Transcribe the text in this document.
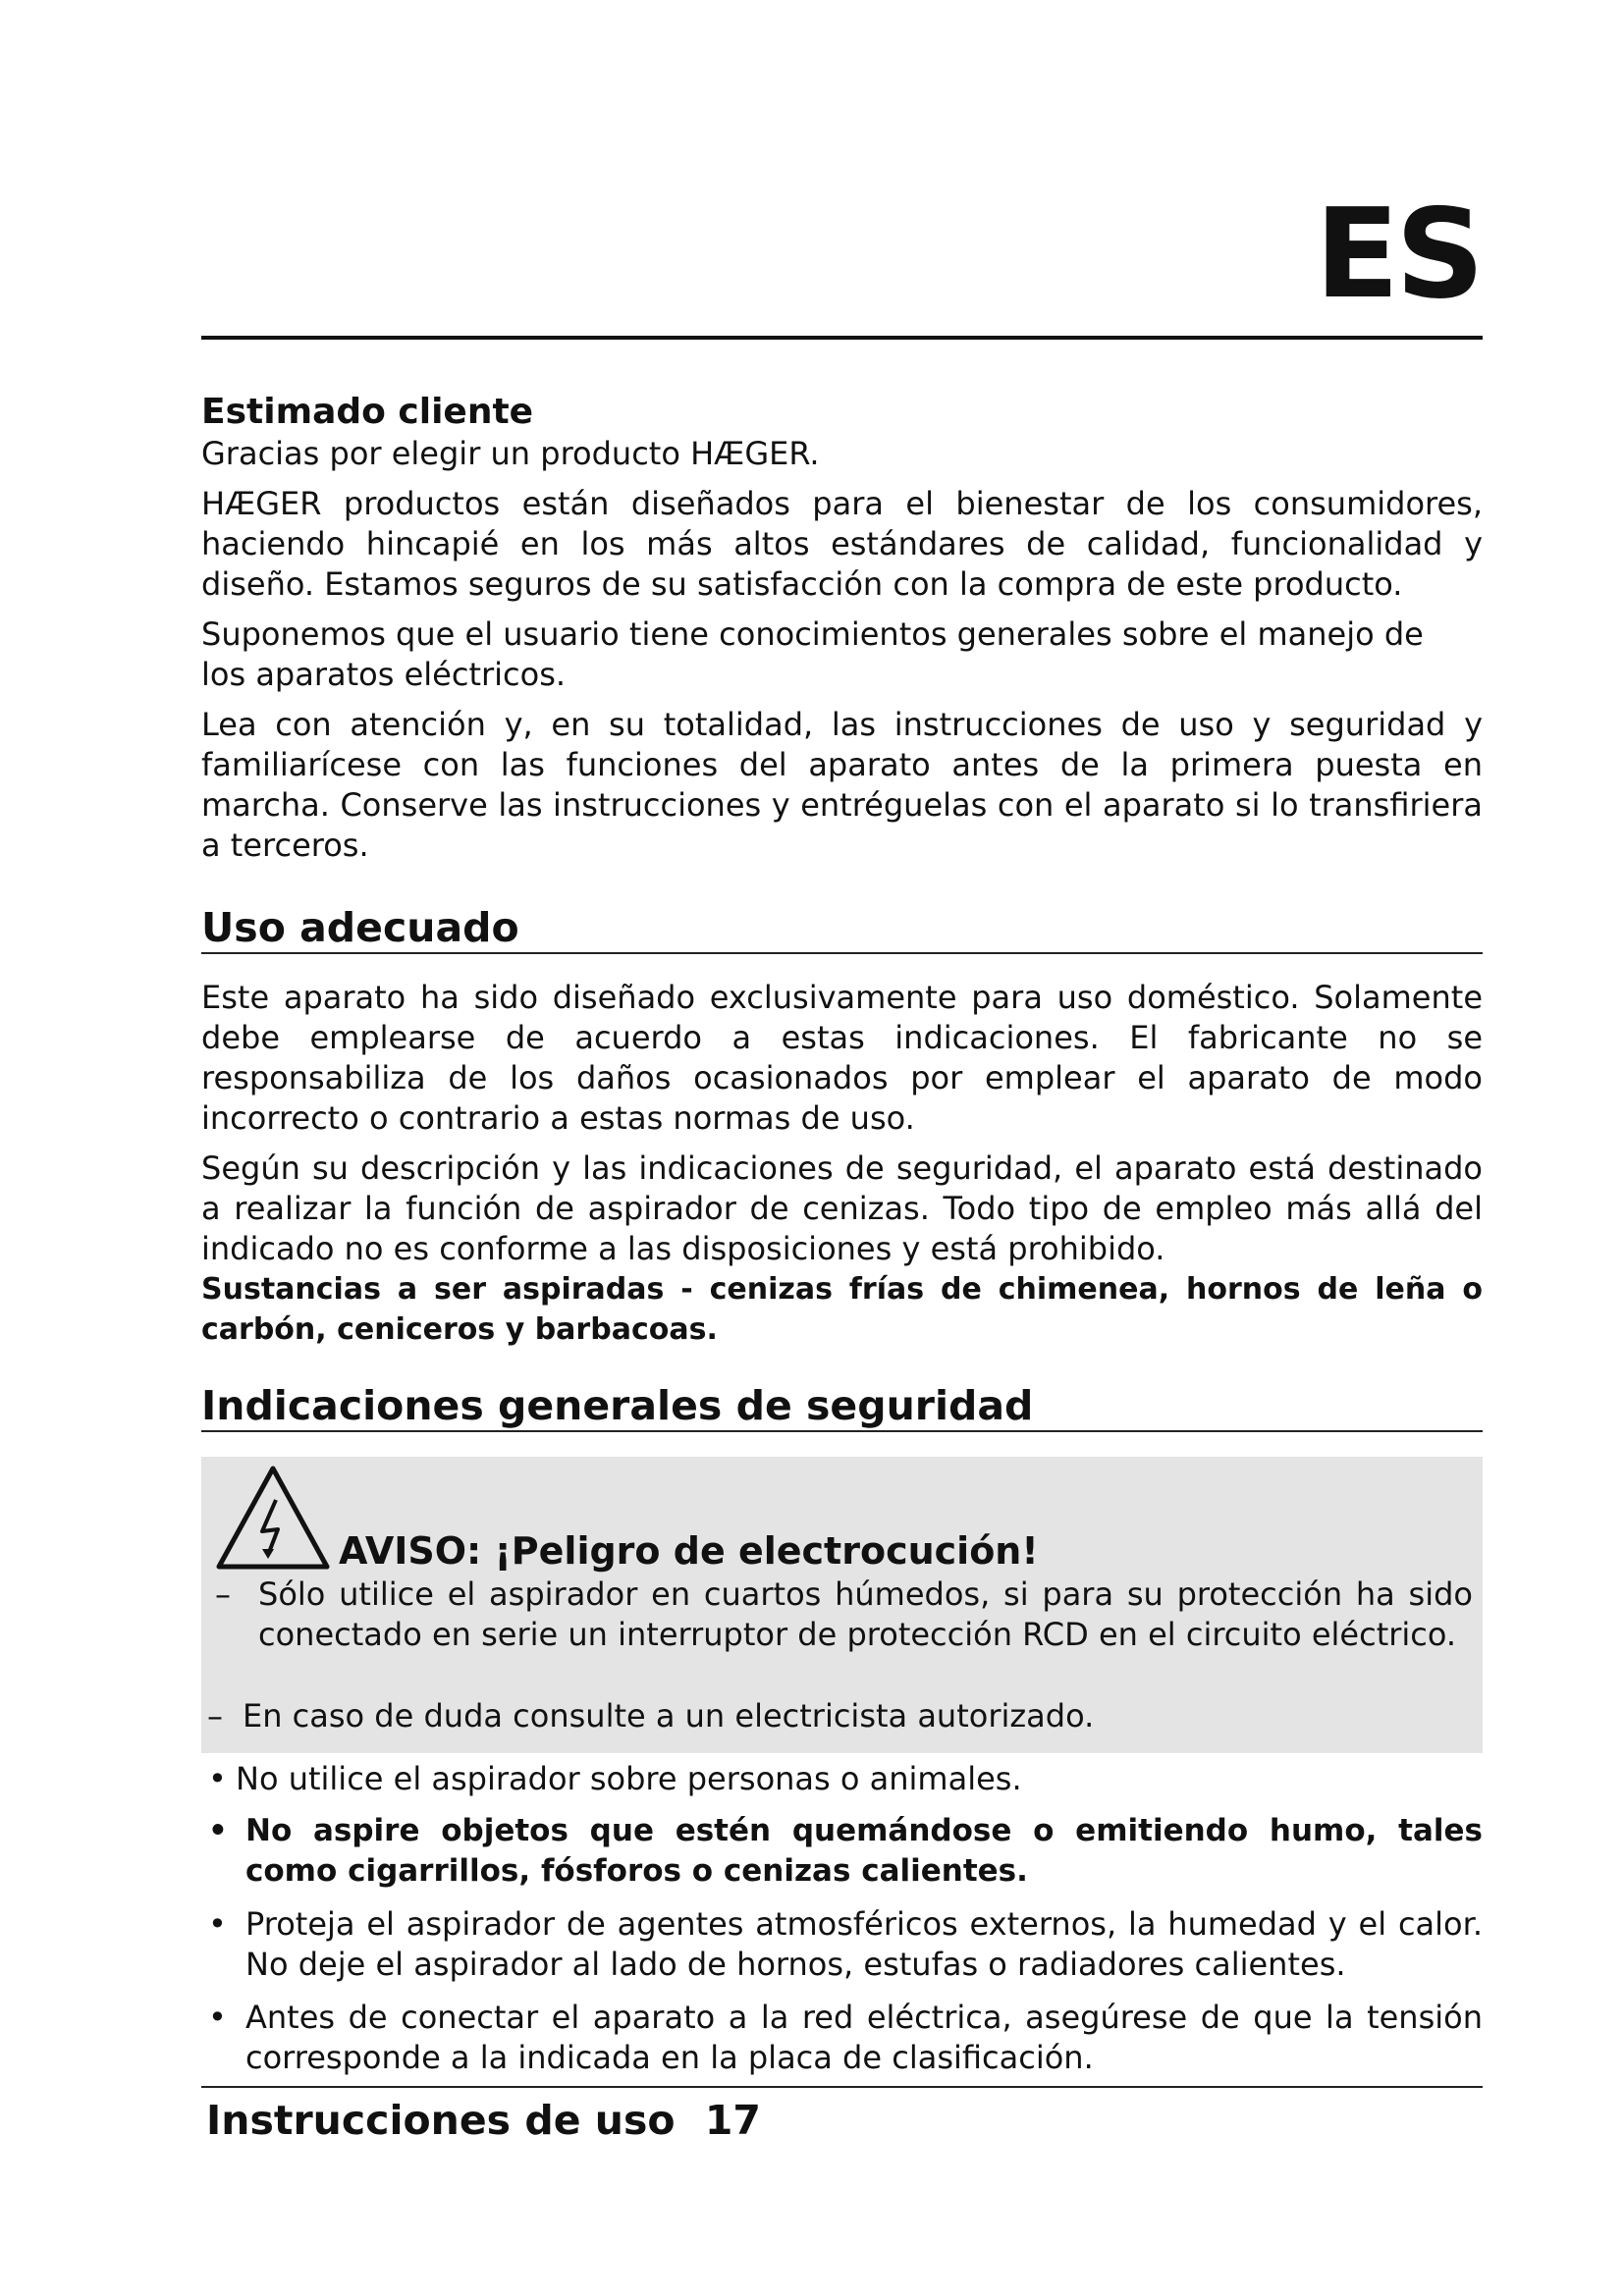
ES
Estimado cliente

Gracias por elegir un producto HÆGER.

HÆGER productos están diseñados para el bienestar de los consumidores, haciendo hincapié en los más altos estándares de calidad, funcionalidad y diseño. Estamos seguros de su satisfacción con la compra de este producto.

Suponemos que el usuario tiene conocimientos generales sobre el manejo de los aparatos eléctricos.

Lea con atención y, en su totalidad, las instrucciones de uso y seguridad y familiarícese con las funciones del aparato antes de la primera puesta en marcha. Conserve las instrucciones y entréguelas con el aparato si lo transfiriera a terceros.

Uso adecuado

Este aparato ha sido diseñado exclusivamente para uso doméstico. Solamente debe emplearse de acuerdo a estas indicaciones. El fabricante no se responsabiliza de los daños ocasionados por emplear el aparato de modo incorrecto o contrario a estas normas de uso.

Según su descripción y las indicaciones de seguridad, el aparato está destinado a realizar la función de aspirador de cenizas. Todo tipo de empleo más allá del indicado no es conforme a las disposiciones y está prohibido.

Sustancias a ser aspiradas - cenizas frías de chimenea, hornos de leña o carbón, ceniceros y barbacoas.

Indicaciones generales de seguridad
AVISO: ¡Peligro de electrocución!
– Sólo utilice el aspirador en cuartos húmedos, si para su protección ha sido conectado en serie un interruptor de protección RCD en el circuito eléctrico.
– En caso de duda consulte a un electricista autorizado.
• No utilice el aspirador sobre personas o animales.
• No aspire objetos que estén quemándose o emitiendo humo, tales como cigarrillos, fósforos o cenizas calientes.
• Proteja el aspirador de agentes atmosféricos externos, la humedad y el calor. No deje el aspirador al lado de hornos, estufas o radiadores calientes.
• Antes de conectar el aparato a la red eléctrica, asegúrese de que la tensión corresponde a la indicada en la placa de clasificación.
Instrucciones de uso 17
